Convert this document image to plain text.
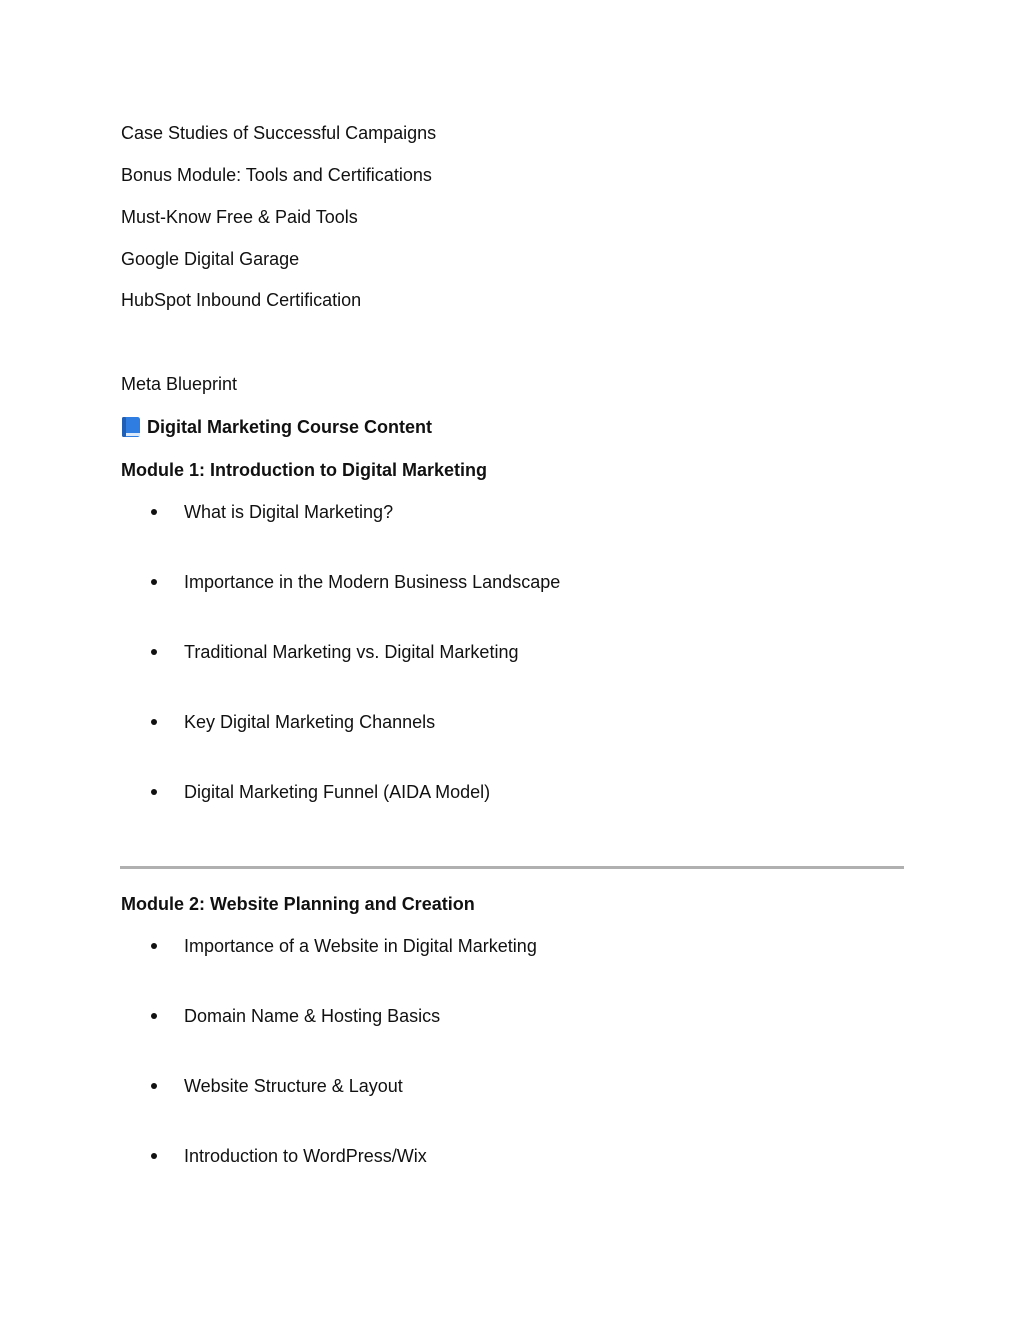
Case Studies of Successful Campaigns
Bonus Module: Tools and Certifications
Must-Know Free & Paid Tools
Google Digital Garage
HubSpot Inbound Certification
Meta Blueprint
Digital Marketing Course Content
Module 1: Introduction to Digital Marketing
What is Digital Marketing?
Importance in the Modern Business Landscape
Traditional Marketing vs. Digital Marketing
Key Digital Marketing Channels
Digital Marketing Funnel (AIDA Model)
Module 2: Website Planning and Creation
Importance of a Website in Digital Marketing
Domain Name & Hosting Basics
Website Structure & Layout
Introduction to WordPress/Wix
